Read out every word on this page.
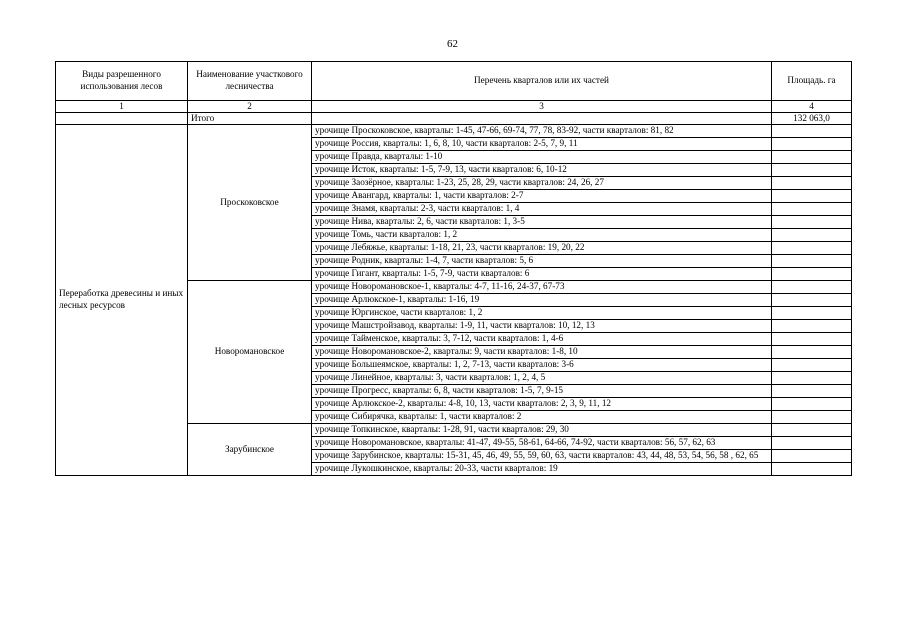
62
Виды разрешенного использования лесов	Наименование участкового лесничества	Перечень кварталов или их частей	Площадь. га
1	2	3	4
	Итого		132 063,0
Переработка древесины и иных лесных ресурсов	Проскоковское	урочище Проскоковское, кварталы: 1-45, 47-66, 69-74, 77, 78, 83-92, части кварталов: 81, 82	
		урочище Россия, кварталы: 1, 6, 8, 10, части кварталов: 2-5, 7, 9, 11	
		урочище Правда, кварталы: 1-10	
		урочище Исток, кварталы: 1-5, 7-9, 13, части кварталов: 6, 10-12	
		урочище Заозёрное, кварталы: 1-23, 25, 28, 29, части кварталов: 24, 26, 27	
		урочище Авангард, кварталы: 1, части кварталов: 2-7	
		урочище Знамя, кварталы: 2-3, части кварталов: 1, 4	
		урочище Нива, кварталы: 2, 6, части кварталов: 1, 3-5	
		урочище Томь, части кварталов: 1, 2	
		урочище Лебяжье, кварталы: 1-18, 21, 23, части кварталов: 19, 20, 22	
		урочище Родник, кварталы: 1-4, 7, части кварталов: 5, 6	
		урочище Гигант, кварталы: 1-5, 7-9, части кварталов: 6	
	Новоромановское	урочище Новоромановское-1, кварталы: 4-7, 11-16, 24-37, 67-73	
		урочище Арлюкское-1, кварталы: 1-16, 19	
		урочище Юргинское, части кварталов: 1, 2	
		урочище Машстройзавод, кварталы: 1-9, 11, части кварталов: 10, 12, 13	
		урочище Тайменское, кварталы: 3, 7-12, части кварталов: 1, 4-6	
		урочище Новоромановское-2, кварталы: 9, части кварталов: 1-8, 10	
		урочище Большеямское, кварталы: 1, 2, 7-13, части кварталов: 3-6	
		урочище Линейное, кварталы: 3, части кварталов: 1, 2, 4, 5	
		урочище Прогресс, кварталы: 6, 8, части кварталов: 1-5, 7, 9-15	
		урочище Арлюкское-2, кварталы: 4-8, 10, 13, части кварталов: 2, 3, 9, 11, 12	
		урочище Сибирячка, кварталы: 1, части кварталов: 2	
	Зарубинское	урочище Топкинское, кварталы: 1-28, 91, части кварталов: 29, 30	
		урочище Новоромановское, кварталы: 41-47, 49-55, 58-61, 64-66, 74-92, части кварталов: 56, 57, 62, 63	
		урочище Зарубинское, кварталы: 15-31, 45, 46, 49, 55, 59, 60, 63, части кварталов: 43, 44, 48, 53, 54, 56, 58 , 62, 65	
		урочище Лукошкинское, кварталы: 20-33, части кварталов: 19	
